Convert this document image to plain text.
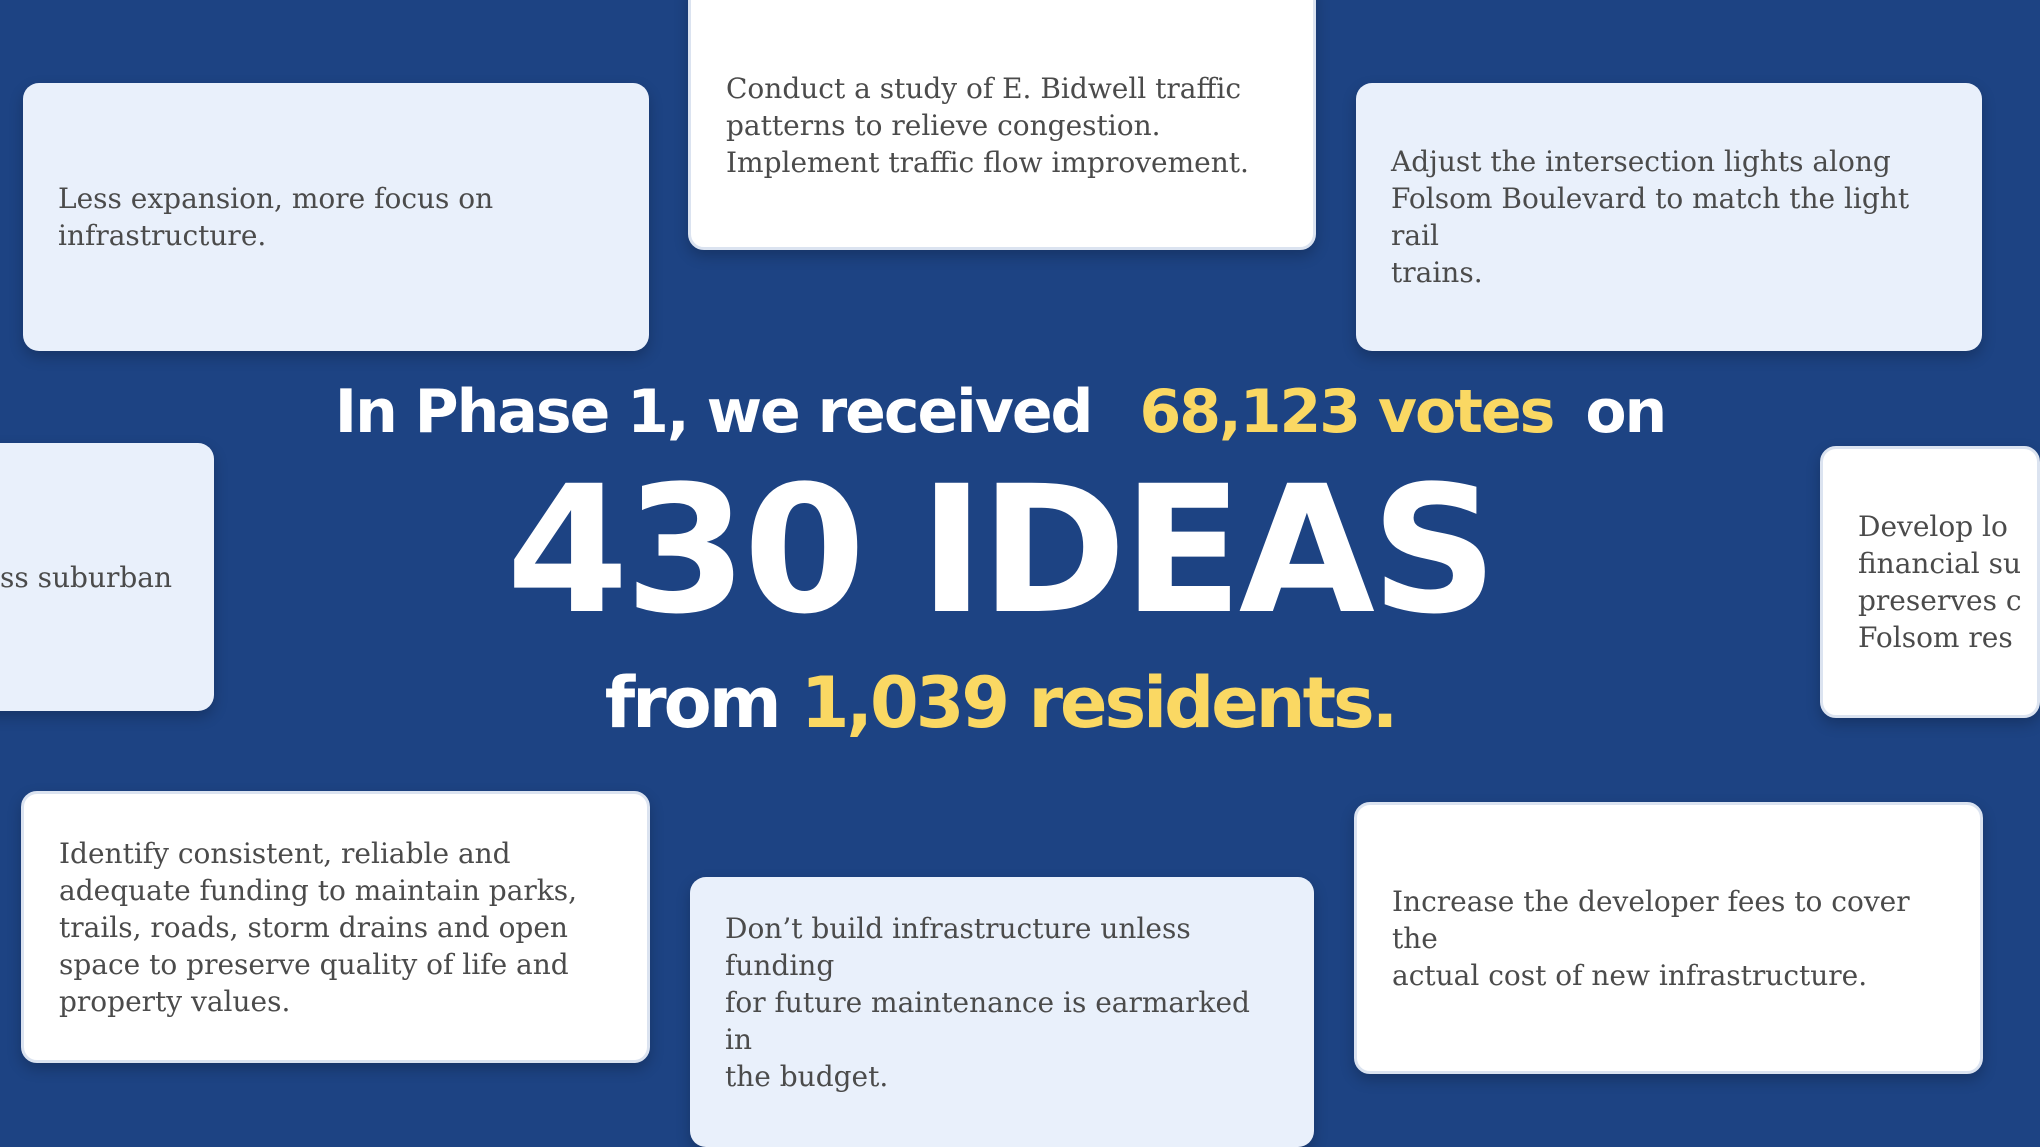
Less expansion, more focus on
infrastructure.

Conduct a study of E. Bidwell traffic
patterns to relieve congestion.
Implement traffic flow improvement.	Adjust the intersection lights along
Folsom Boulevard to match the light rail
trains.

ss suburban

Develop lo
financial su
preserves c
Folsom res

Identify consistent, reliable and
adequate funding to maintain parks,
trails, roads, storm drains and open
space to preserve quality of life and
property values.

Don’t build infrastructure unless funding
for future maintenance is earmarked in
the budget.

Increase the developer fees to cover the
actual cost of new infrastructure.

In Phase 1, we received 68,123 votes on
430 IDEAS
from 1,039 residents.
